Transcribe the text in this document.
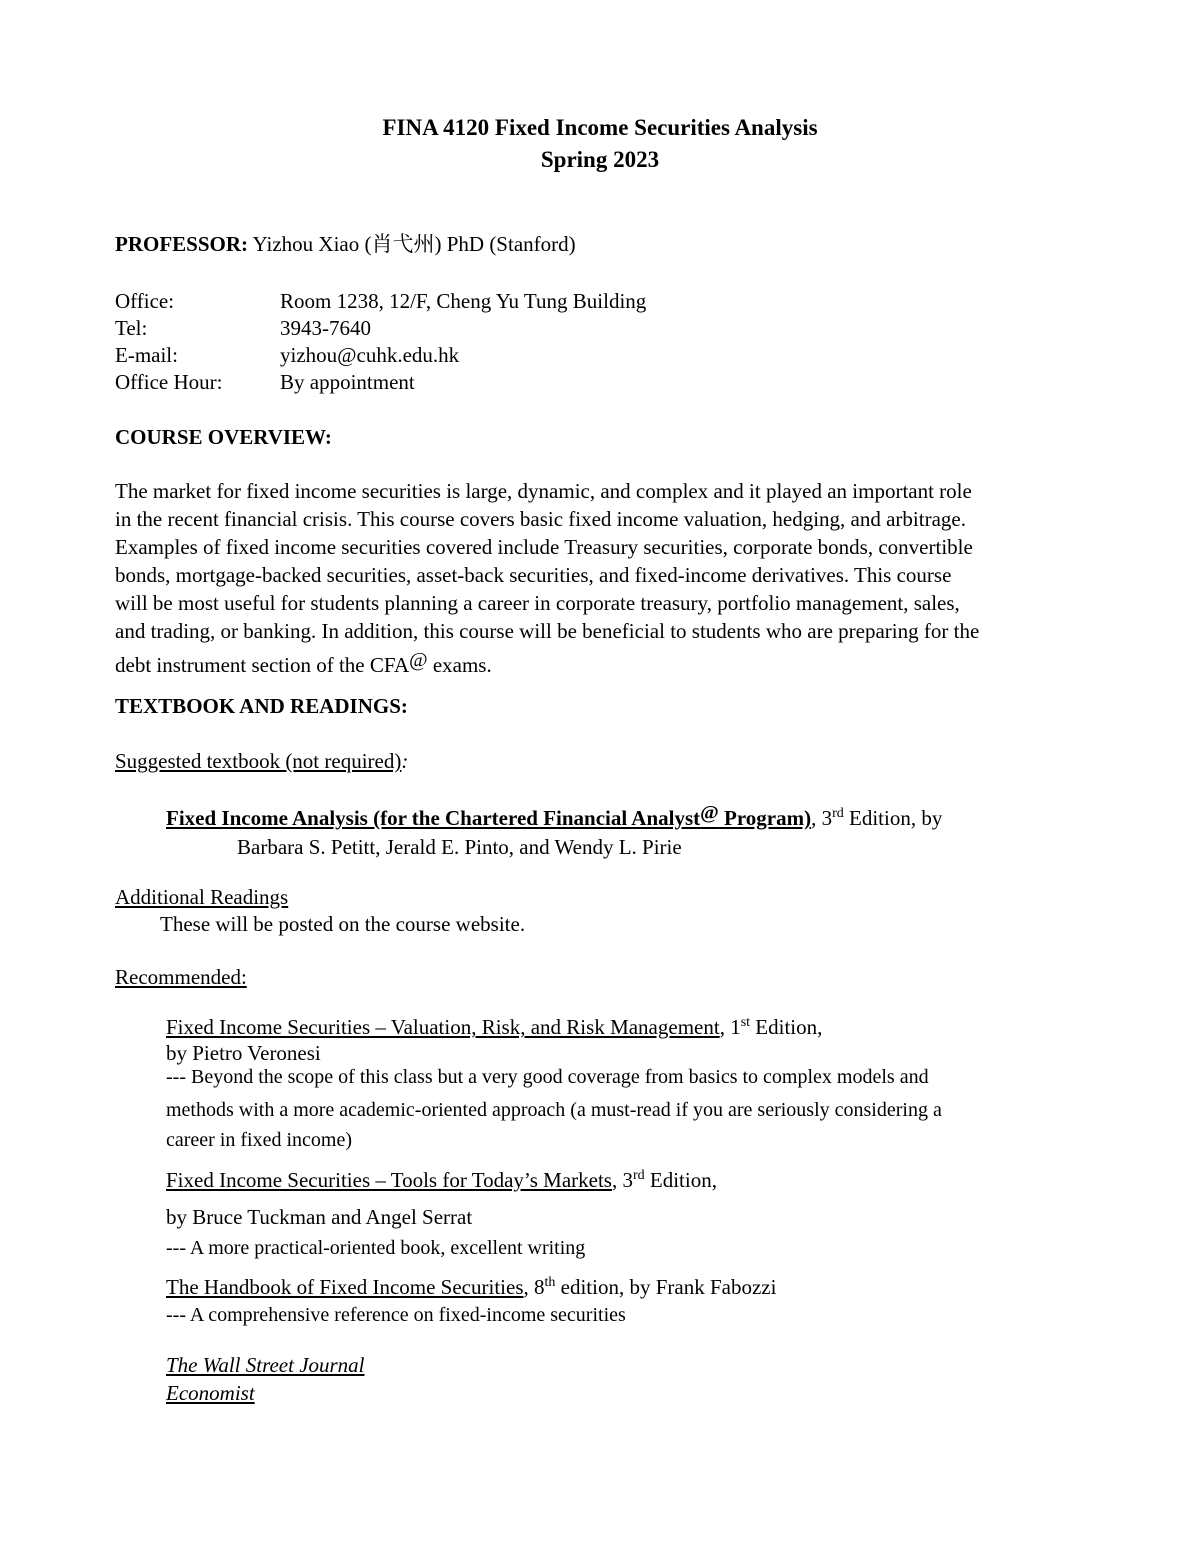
FINA 4120 Fixed Income Securities Analysis
Spring 2023
PROFESSOR: Yizhou Xiao (肖弋州) PhD (Stanford)
Office:	Room 1238, 12/F, Cheng Yu Tung Building
Tel:	3943-7640
E-mail:	yizhou@cuhk.edu.hk
Office Hour:	By appointment
COURSE OVERVIEW:
The market for fixed income securities is large, dynamic, and complex and it played an important role
in the recent financial crisis. This course covers basic fixed income valuation, hedging, and arbitrage.
Examples of fixed income securities covered include Treasury securities, corporate bonds, convertible
bonds, mortgage-backed securities, asset-back securities, and fixed-income derivatives. This course
will be most useful for students planning a career in corporate treasury, portfolio management, sales,
and trading, or banking. In addition, this course will be beneficial to students who are preparing for the
debt instrument section of the CFA@ exams.
TEXTBOOK AND READINGS:
Suggested textbook (not required):
Fixed Income Analysis (for the Chartered Financial Analyst@ Program), 3rd Edition, by
Barbara S. Petitt, Jerald E. Pinto, and Wendy L. Pirie
Additional Readings
These will be posted on the course website.
Recommended:
Fixed Income Securities – Valuation, Risk, and Risk Management, 1st Edition,
by Pietro Veronesi
--- Beyond the scope of this class but a very good coverage from basics to complex models and
methods with a more academic-oriented approach (a must-read if you are seriously considering a
career in fixed income)
Fixed Income Securities – Tools for Today’s Markets, 3rd Edition,
by Bruce Tuckman and Angel Serrat
--- A more practical-oriented book, excellent writing
The Handbook of Fixed Income Securities, 8th edition, by Frank Fabozzi
--- A comprehensive reference on fixed-income securities
The Wall Street Journal
Economist
